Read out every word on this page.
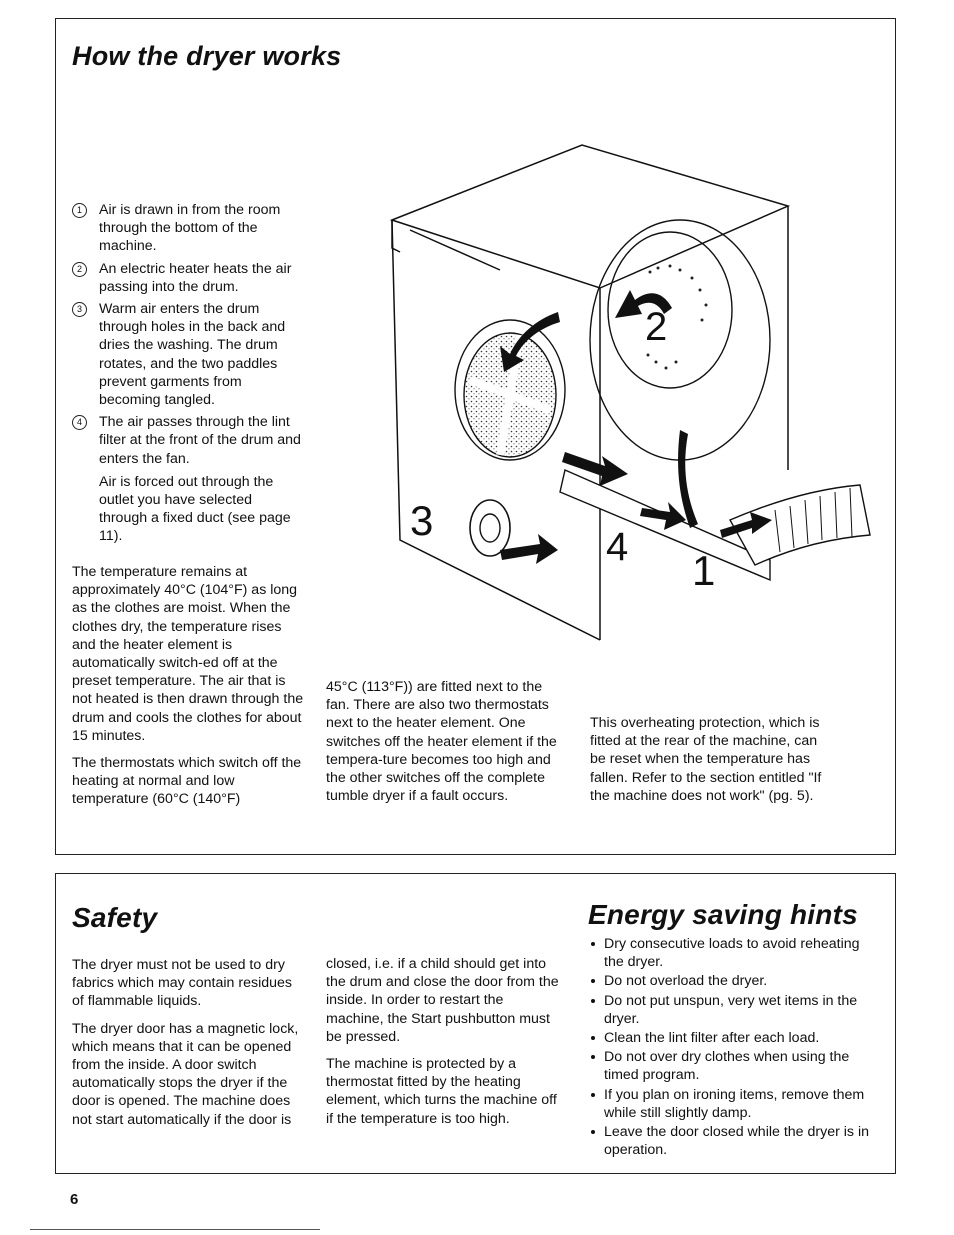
How the dryer works
1	Air is drawn in from the room through the bottom of the machine.
2	An electric heater heats the air passing into the drum.
3	Warm air enters the drum through holes in the back and dries the washing. The drum rotates, and the two paddles prevent garments from becoming tangled.
4	The air passes through the lint filter at the front of the drum and enters the fan.

Air is forced out through the outlet you have selected through a fixed duct (see page 11).

The temperature remains at approximately 40°C (104°F) as long as the clothes are moist. When the clothes dry, the temperature rises and the heater element is automatically switch-ed off at the preset temperature. The air that is not heated is then drawn through the drum and cools the clothes for about 15 minutes.

The thermostats which switch off the heating at normal and low temperature (60°C (140°F)

45°C (113°F)) are fitted next to the fan. There are also two thermostats next to the heater element. One switches off the heater element if the tempera-ture becomes too high and the other switches off the complete tumble dryer if a fault occurs.

This overheating protection, which is fitted at the rear of the machine, can be reset when the temperature has fallen. Refer to the section entitled "If the machine does not work" (pg. 5).

2
3
4 1
Safety

The dryer must not be used to dry fabrics which may contain residues of flammable liquids.

The dryer door has a magnetic lock, which means that it can be opened from the inside. A door switch automatically stops the dryer if the door is opened. The machine does not start automatically if the door is

closed, i.e. if a child should get into the drum and close the door from the inside. In order to restart the machine, the Start pushbutton must be pressed.

The machine is protected by a thermostat fitted by the heating element, which turns the machine off if the temperature is too high.

Energy saving hints
Dry consecutive loads to avoid reheating the dryer.
Do not overload the dryer.
Do not put unspun, very wet items in the dryer.
Clean the lint filter after each load.
Do not over dry clothes when using the timed program.
If you plan on ironing items, remove them while still slightly damp.
Leave the door closed while the dryer is in operation.
6
